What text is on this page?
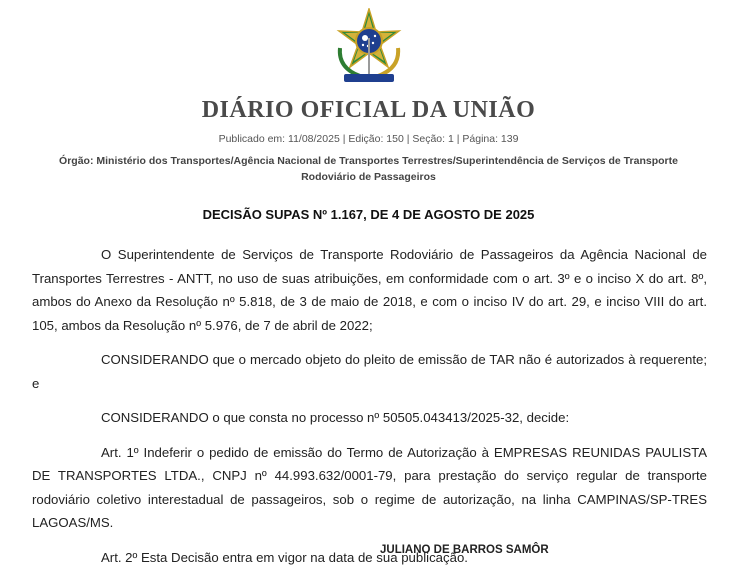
DIÁRIO OFICIAL DA UNIÃO
Publicado em: 11/08/2025 | Edição: 150 | Seção: 1 | Página: 139
Órgão: Ministério dos Transportes/Agência Nacional de Transportes Terrestres/Superintendência de Serviços de Transporte Rodoviário de Passageiros
DECISÃO SUPAS Nº 1.167, DE 4 DE AGOSTO DE 2025

O Superintendente de Serviços de Transporte Rodoviário de Passageiros da Agência Nacional de Transportes Terrestres - ANTT, no uso de suas atribuições, em conformidade com o art. 3º e o inciso X do art. 8º, ambos do Anexo da Resolução nº 5.818, de 3 de maio de 2018, e com o inciso IV do art. 29, e inciso VIII do art. 105, ambos da Resolução nº 5.976, de 7 de abril de 2022;

CONSIDERANDO que o mercado objeto do pleito de emissão de TAR não é autorizados à requerente; e

CONSIDERANDO o que consta no processo nº 50505.043413/2025-32, decide:

Art. 1º Indeferir o pedido de emissão do Termo de Autorização à EMPRESAS REUNIDAS PAULISTA DE TRANSPORTES LTDA., CNPJ nº 44.993.632/0001-79, para prestação do serviço regular de transporte rodoviário coletivo interestadual de passageiros, sob o regime de autorização, na linha CAMPINAS/SP-TRES LAGOAS/MS.

Art. 2º Esta Decisão entra em vigor na data de sua publicação.

JULIANO DE BARROS SAMÔR
